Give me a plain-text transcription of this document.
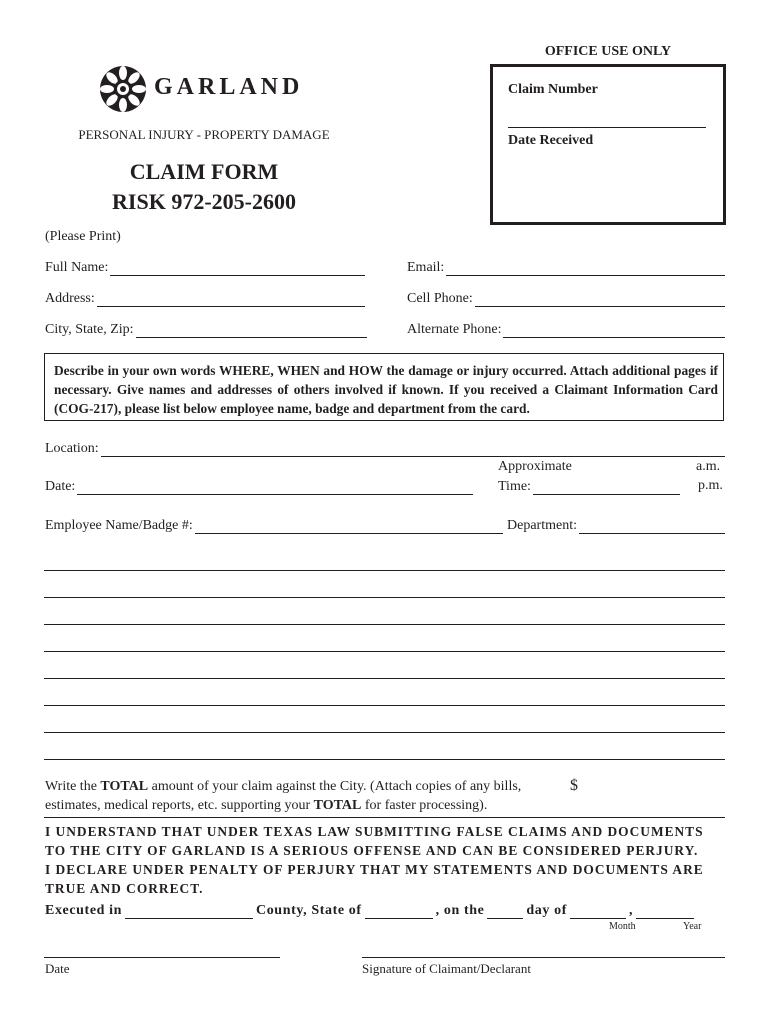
OFFICE USE ONLY
Claim Number
Date Received
GARLAND
PERSONAL INJURY - PROPERTY DAMAGE
CLAIM FORM
RISK 972-205-2600
(Please Print)
Full Name:	Email:
Address:	Cell Phone:
City, State, Zip:	Alternate Phone:
Describe in your own words WHERE, WHEN and HOW the damage or injury occurred. Attach additional pages if necessary. Give names and addresses of others involved if known. If you received a Claimant Information Card (COG-217), please list below employee name, badge and department from the card.
Location:
Approximate	a.m.
Date:	Time:	p.m.
Employee Name/Badge #:	Department:
Write the TOTAL amount of your claim against the City. (Attach copies of any bills, estimates, medical reports, etc. supporting your TOTAL for faster processing).
$
I UNDERSTAND THAT UNDER TEXAS LAW SUBMITTING FALSE CLAIMS AND DOCUMENTS TO THE CITY OF GARLAND IS A SERIOUS OFFENSE AND CAN BE CONSIDERED PERJURY.
I DECLARE UNDER PENALTY OF PERJURY THAT MY STATEMENTS AND DOCUMENTS ARE TRUE AND CORRECT.
Executed in	County, State of	, on the	day of	,
Month	Year
Date	Signature of Claimant/Declarant
